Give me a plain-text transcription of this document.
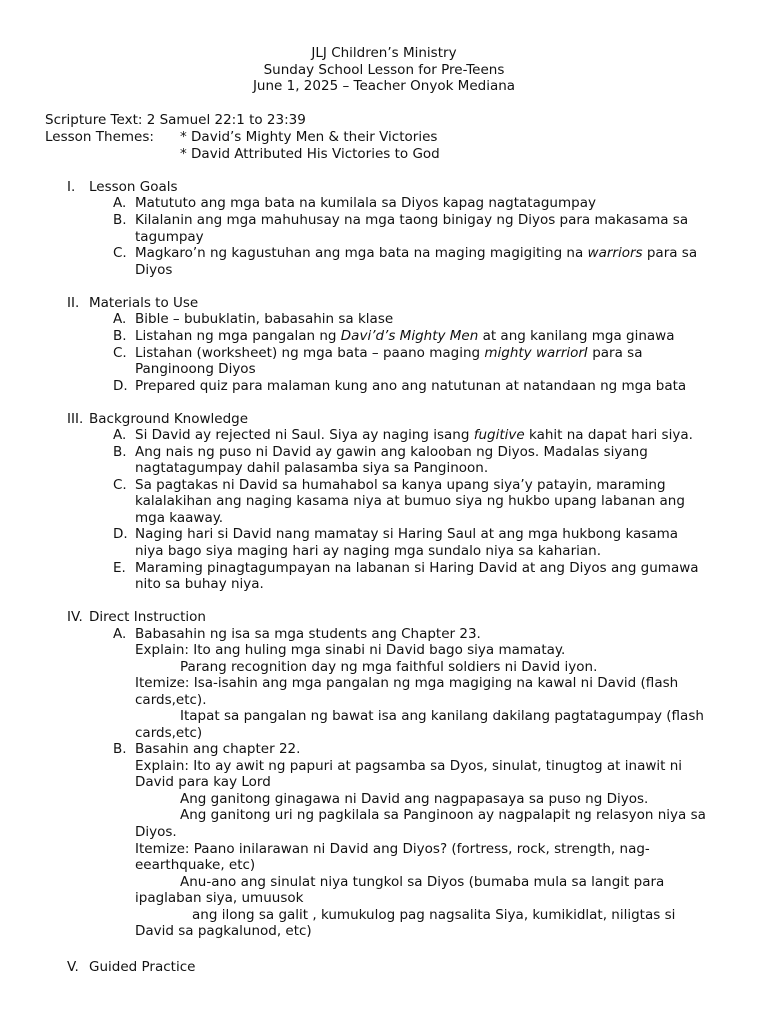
JLJ Children’s Ministry
Sunday School Lesson for Pre-Teens
June 1, 2025 – Teacher Onyok Mediana
Scripture Text: 2 Samuel 22:1 to 23:39
Lesson Themes: * David’s Mighty Men & their Victories
* David Attributed His Victories to God
I. Lesson Goals
A. Matututo ang mga bata na kumilala sa Diyos kapag nagtatagumpay
B. Kilalanin ang mga mahuhusay na mga taong binigay ng Diyos para makasama sa
tagumpay
C. Magkaro’n ng kagustuhan ang mga bata na maging magigiting na warriors para sa
Diyos
II. Materials to Use
A. Bible – bubuklatin, babasahin sa klase
B. Listahan ng mga pangalan ng Davi’d’s Mighty Men at ang kanilang mga ginawa
C. Listahan (worksheet) ng mga bata – paano maging mighty warriorI para sa
Panginoong Diyos
D. Prepared quiz para malaman kung ano ang natutunan at natandaan ng mga bata
III. Background Knowledge
A. Si David ay rejected ni Saul. Siya ay naging isang fugitive kahit na dapat hari siya.
B. Ang nais ng puso ni David ay gawin ang kalooban ng Diyos. Madalas siyang
nagtatagumpay dahil palasamba siya sa Panginoon.
C. Sa pagtakas ni David sa humahabol sa kanya upang siya’y patayin, maraming
kalalakihan ang naging kasama niya at bumuo siya ng hukbo upang labanan ang
mga kaaway.
D. Naging hari si David nang mamatay si Haring Saul at ang mga hukbong kasama
niya bago siya maging hari ay naging mga sundalo niya sa kaharian.
E. Maraming pinagtagumpayan na labanan si Haring David at ang Diyos ang gumawa
nito sa buhay niya.
IV. Direct Instruction
A. Babasahin ng isa sa mga students ang Chapter 23.
Explain: Ito ang huling mga sinabi ni David bago siya mamatay.
Parang recognition day ng mga faithful soldiers ni David iyon.
Itemize: Isa-isahin ang mga pangalan ng mga magiging na kawal ni David (flash
cards,etc).
Itapat sa pangalan ng bawat isa ang kanilang dakilang pagtatagumpay (flash
cards,etc)
B. Basahin ang chapter 22.
Explain: Ito ay awit ng papuri at pagsamba sa Dyos, sinulat, tinugtog at inawit ni
David para kay Lord
Ang ganitong ginagawa ni David ang nagpapasaya sa puso ng Diyos.
Ang ganitong uri ng pagkilala sa Panginoon ay nagpalapit ng relasyon niya sa
Diyos.
Itemize: Paano inilarawan ni David ang Diyos? (fortress, rock, strength, nag-
eearthquake, etc)
Anu-ano ang sinulat niya tungkol sa Diyos (bumaba mula sa langit para
ipaglaban siya, umuusok
ang ilong sa galit , kumukulog pag nagsalita Siya, kumikidlat, niligtas si
David sa pagkalunod, etc)
V. Guided Practice
